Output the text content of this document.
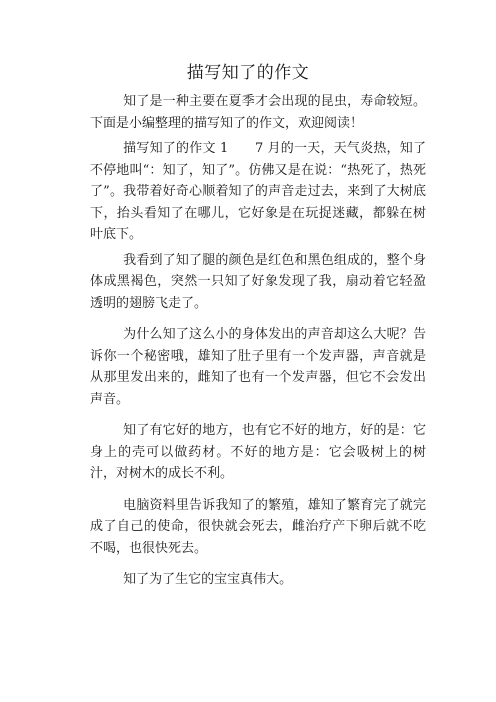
描写知了的作文

知了是一种主要在夏季才会出现的昆虫，寿命较短。下面是小编整理的描写知了的作文，欢迎阅读！

描写知了的作文 1　　7 月的一天，天气炎热，知了不停地叫“：知了，知了”。仿佛又是在说：“热死了，热死了”。我带着好奇心顺着知了的声音走过去，来到了大树底下，抬头看知了在哪儿，它好象是在玩捉迷藏，都躲在树叶底下。

我看到了知了腿的颜色是红色和黑色组成的，整个身体成黑褐色，突然一只知了好象发现了我，扇动着它轻盈透明的翅膀飞走了。

为什么知了这么小的身体发出的声音却这么大呢？告诉你一个秘密哦，雄知了肚子里有一个发声器，声音就是从那里发出来的，雌知了也有一个发声器，但它不会发出声音。

知了有它好的地方，也有它不好的地方，好的是：它身上的壳可以做药材。不好的地方是：它会吸树上的树汁，对树木的成长不利。

电脑资料里告诉我知了的繁殖，雄知了繁育完了就完成了自己的使命，很快就会死去，雌治疗产下卵后就不吃不喝，也很快死去。

知了为了生它的宝宝真伟大。
